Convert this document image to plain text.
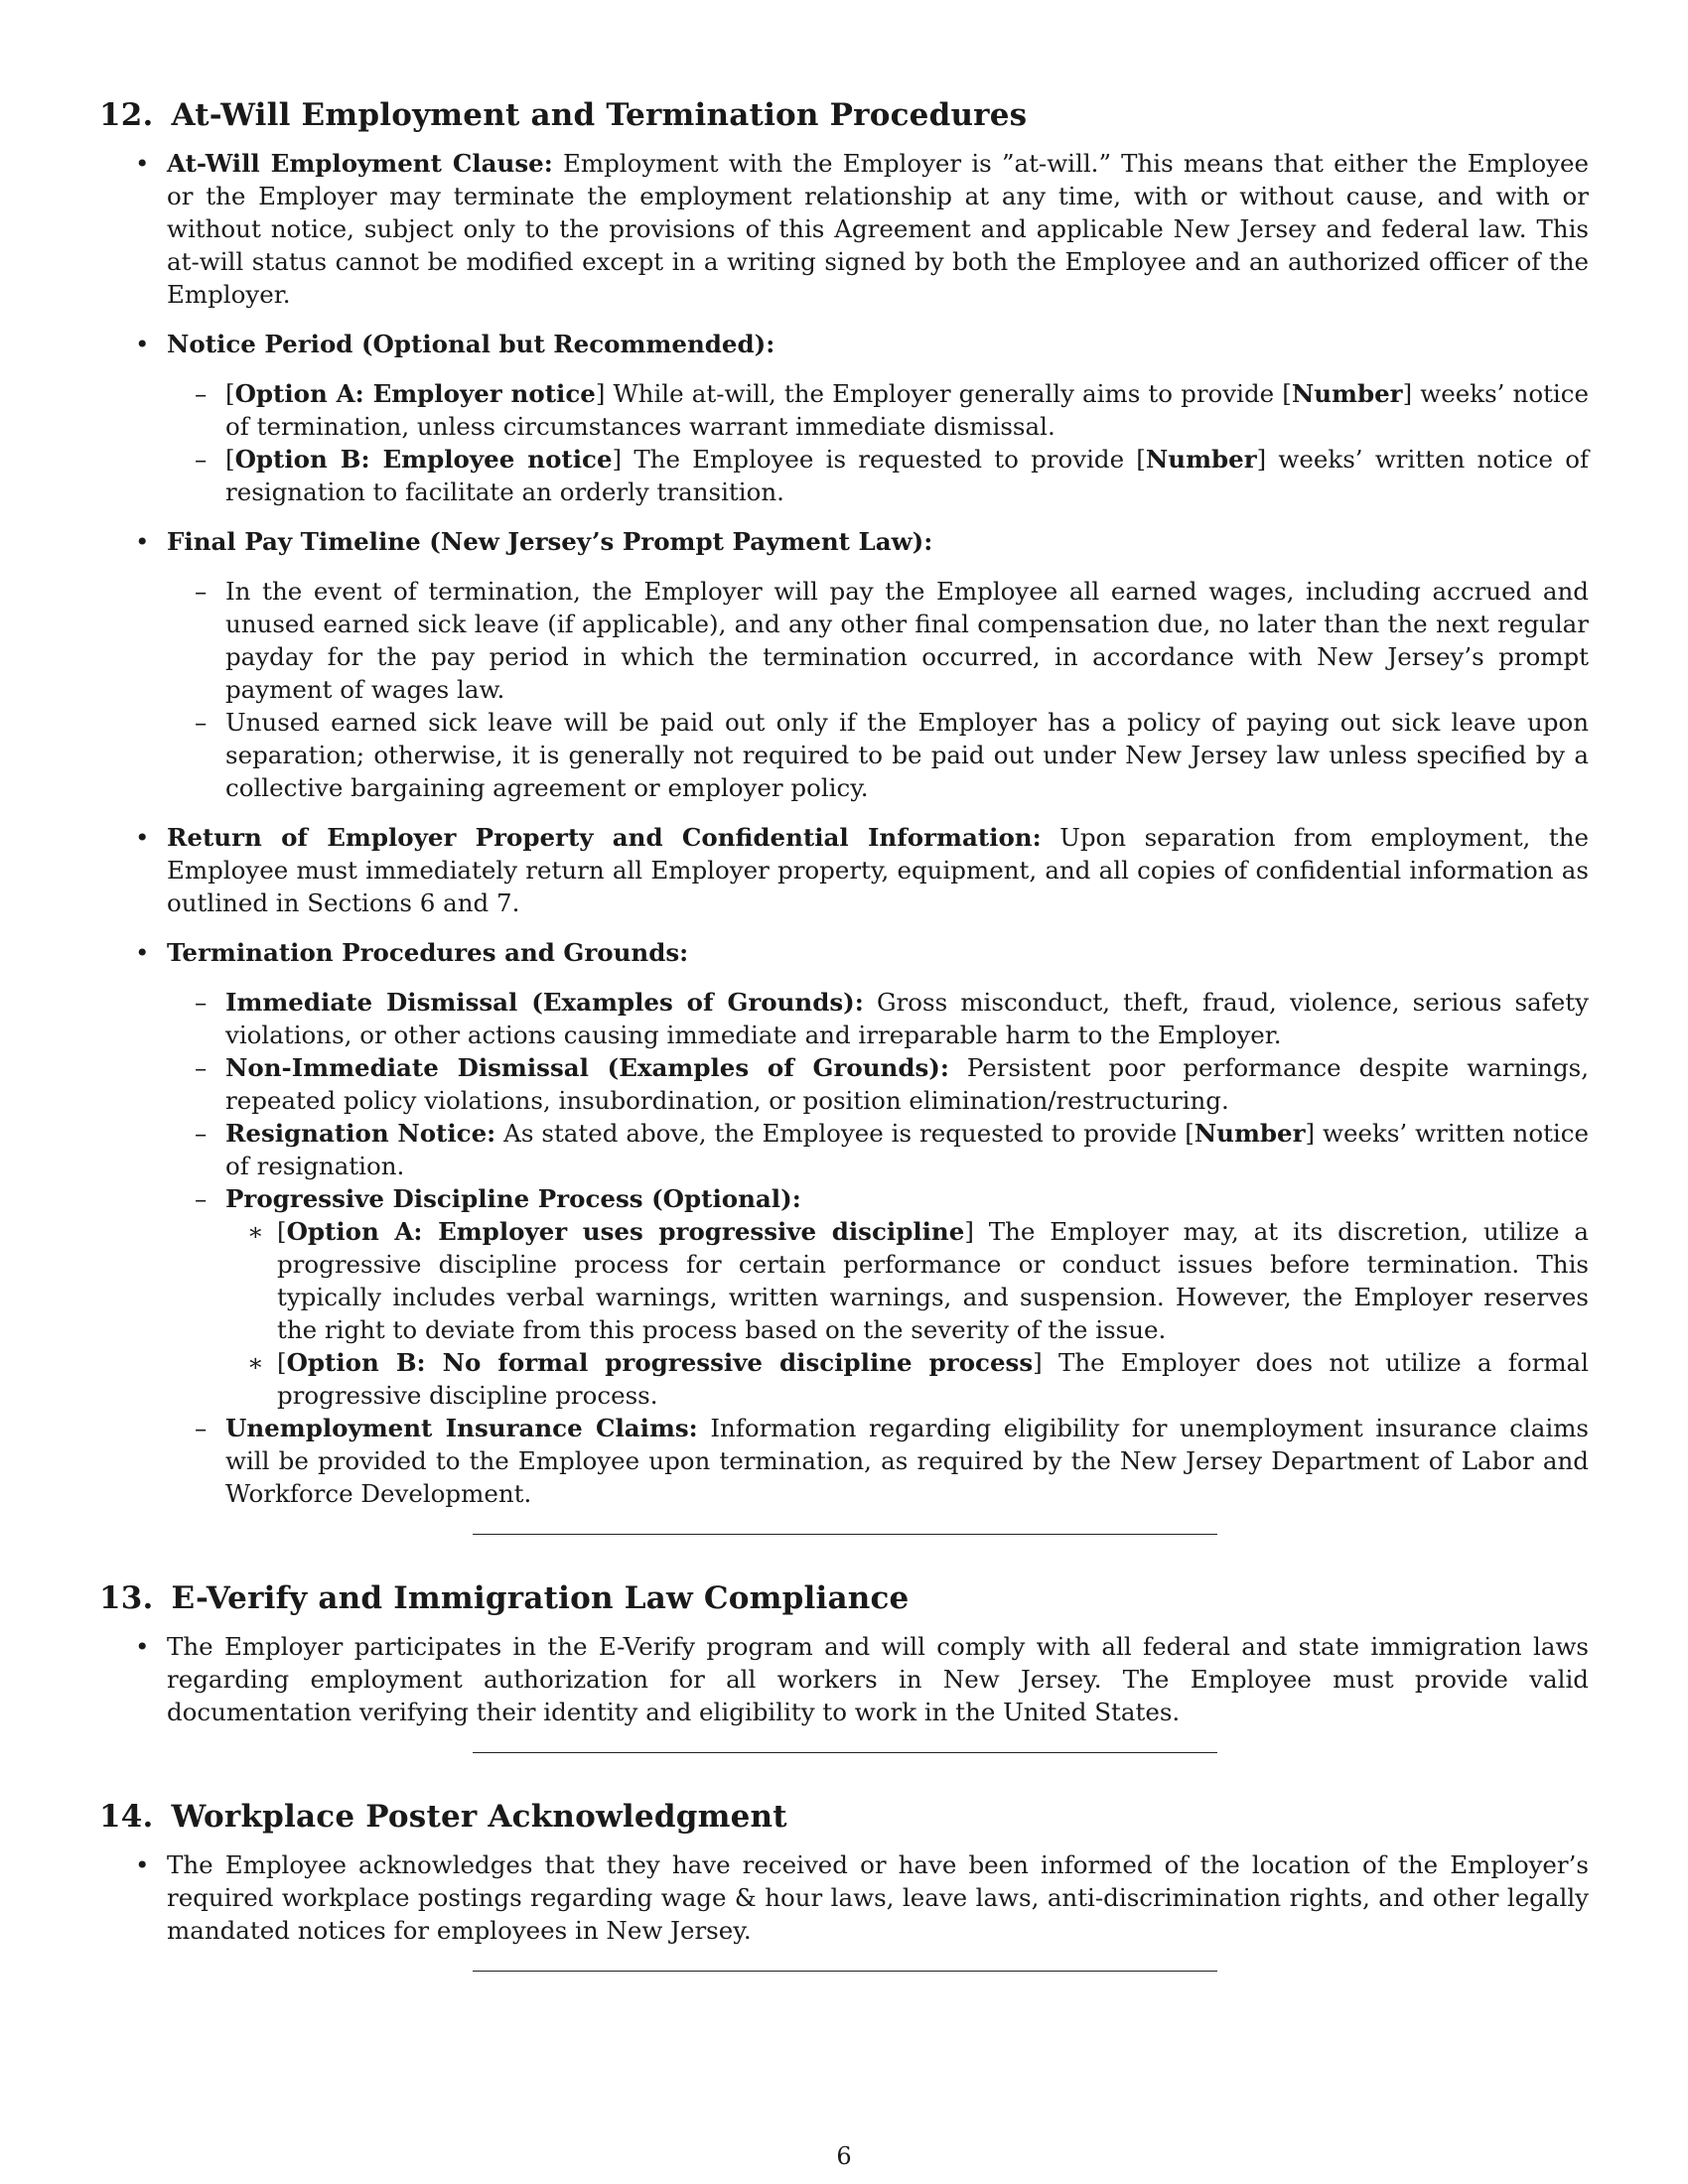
12. At-Will Employment and Termination Procedures
• At-Will Employment Clause: Employment with the Employer is ”at-will.” This means that either the Employee or the Employer may terminate the employment relationship at any time, with or without cause, and with or without notice, subject only to the provisions of this Agreement and applicable New Jersey and federal law. This at-will status cannot be modified except in a writing signed by both the Employee and an authorized officer of the Employer.
• Notice Period (Optional but Recommended):
– [Option A: Employer notice] While at-will, the Employer generally aims to provide [Number] weeks’ notice of termination, unless circumstances warrant immediate dismissal.
– [Option B: Employee notice] The Employee is requested to provide [Number] weeks’ written notice of resignation to facilitate an orderly transition.
• Final Pay Timeline (New Jersey’s Prompt Payment Law):
– In the event of termination, the Employer will pay the Employee all earned wages, including accrued and unused earned sick leave (if applicable), and any other final compensation due, no later than the next regular payday for the pay period in which the termination occurred, in accordance with New Jersey’s prompt payment of wages law.
– Unused earned sick leave will be paid out only if the Employer has a policy of paying out sick leave upon separation; otherwise, it is generally not required to be paid out under New Jersey law unless specified by a collective bargaining agreement or employer policy.
• Return of Employer Property and Confidential Information: Upon separation from employment, the Employee must immediately return all Employer property, equipment, and all copies of confidential information as outlined in Sections 6 and 7.
• Termination Procedures and Grounds:
– Immediate Dismissal (Examples of Grounds): Gross misconduct, theft, fraud, violence, serious safety violations, or other actions causing immediate and irreparable harm to the Employer.
– Non-Immediate Dismissal (Examples of Grounds): Persistent poor performance despite warnings, repeated policy violations, insubordination, or position elimination/restructuring.
– Resignation Notice: As stated above, the Employee is requested to provide [Number] weeks’ written notice of resignation.
– Progressive Discipline Process (Optional):
∗ [Option A: Employer uses progressive discipline] The Employer may, at its discretion, utilize a progressive discipline process for certain performance or conduct issues before termination. This typically includes verbal warnings, written warnings, and suspension. However, the Employer reserves the right to deviate from this process based on the severity of the issue.
∗ [Option B: No formal progressive discipline process] The Employer does not utilize a formal progressive discipline process.
– Unemployment Insurance Claims: Information regarding eligibility for unemployment insurance claims will be provided to the Employee upon termination, as required by the New Jersey Department of Labor and Workforce Development.
13. E-Verify and Immigration Law Compliance
• The Employer participates in the E-Verify program and will comply with all federal and state immigration laws regarding employment authorization for all workers in New Jersey. The Employee must provide valid documentation verifying their identity and eligibility to work in the United States.
14. Workplace Poster Acknowledgment
• The Employee acknowledges that they have received or have been informed of the location of the Employer’s required workplace postings regarding wage & hour laws, leave laws, anti-discrimination rights, and other legally mandated notices for employees in New Jersey.
6
